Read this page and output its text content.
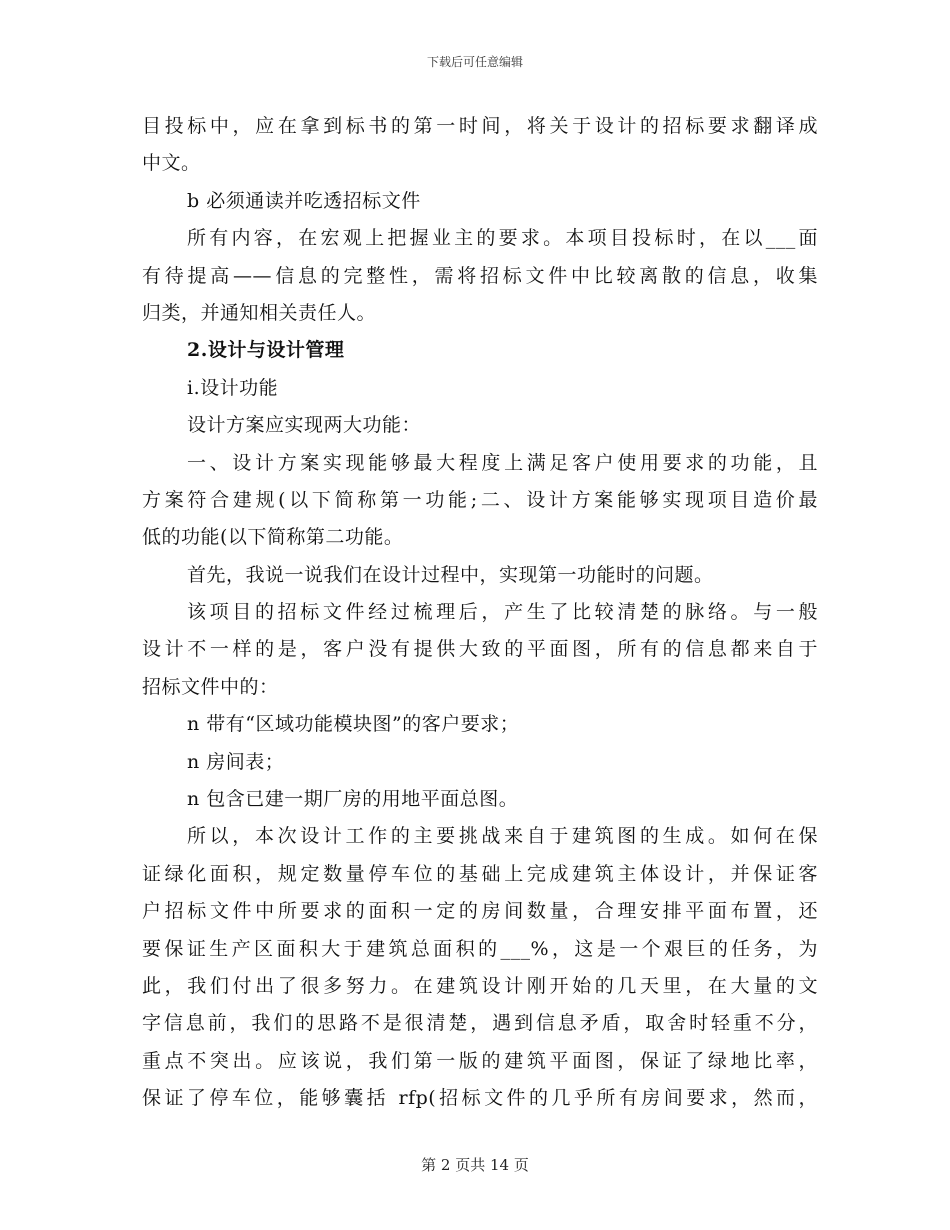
下载后可任意编辑
目投标中，应在拿到标书的第一时间，将关于设计的招标要求翻译成
中文。
b 必须通读并吃透招标文件
所有内容，在宏观上把握业主的要求。本项目投标时，在以___面
有待提高——信息的完整性，需将招标文件中比较离散的信息，收集
归类，并通知相关责任人。
2.设计与设计管理
i.设计功能
设计方案应实现两大功能：
一、设计方案实现能够最大程度上满足客户使用要求的功能，且
方案符合建规(以下简称第一功能;二、设计方案能够实现项目造价最
低的功能(以下简称第二功能。
首先，我说一说我们在设计过程中，实现第一功能时的问题。
该项目的招标文件经过梳理后，产生了比较清楚的脉络。与一般
设计不一样的是，客户没有提供大致的平面图，所有的信息都来自于
招标文件中的：
n 带有“区域功能模块图”的客户要求；
n 房间表；
n 包含已建一期厂房的用地平面总图。
所以，本次设计工作的主要挑战来自于建筑图的生成。如何在保
证绿化面积，规定数量停车位的基础上完成建筑主体设计，并保证客
户招标文件中所要求的面积一定的房间数量，合理安排平面布置，还
要保证生产区面积大于建筑总面积的___%，这是一个艰巨的任务，为
此，我们付出了很多努力。在建筑设计刚开始的几天里，在大量的文
字信息前，我们的思路不是很清楚，遇到信息矛盾，取舍时轻重不分，
重点不突出。应该说，我们第一版的建筑平面图，保证了绿地比率，
保证了停车位，能够囊括 rfp(招标文件的几乎所有房间要求，然而，
第 2 页共 14 页
